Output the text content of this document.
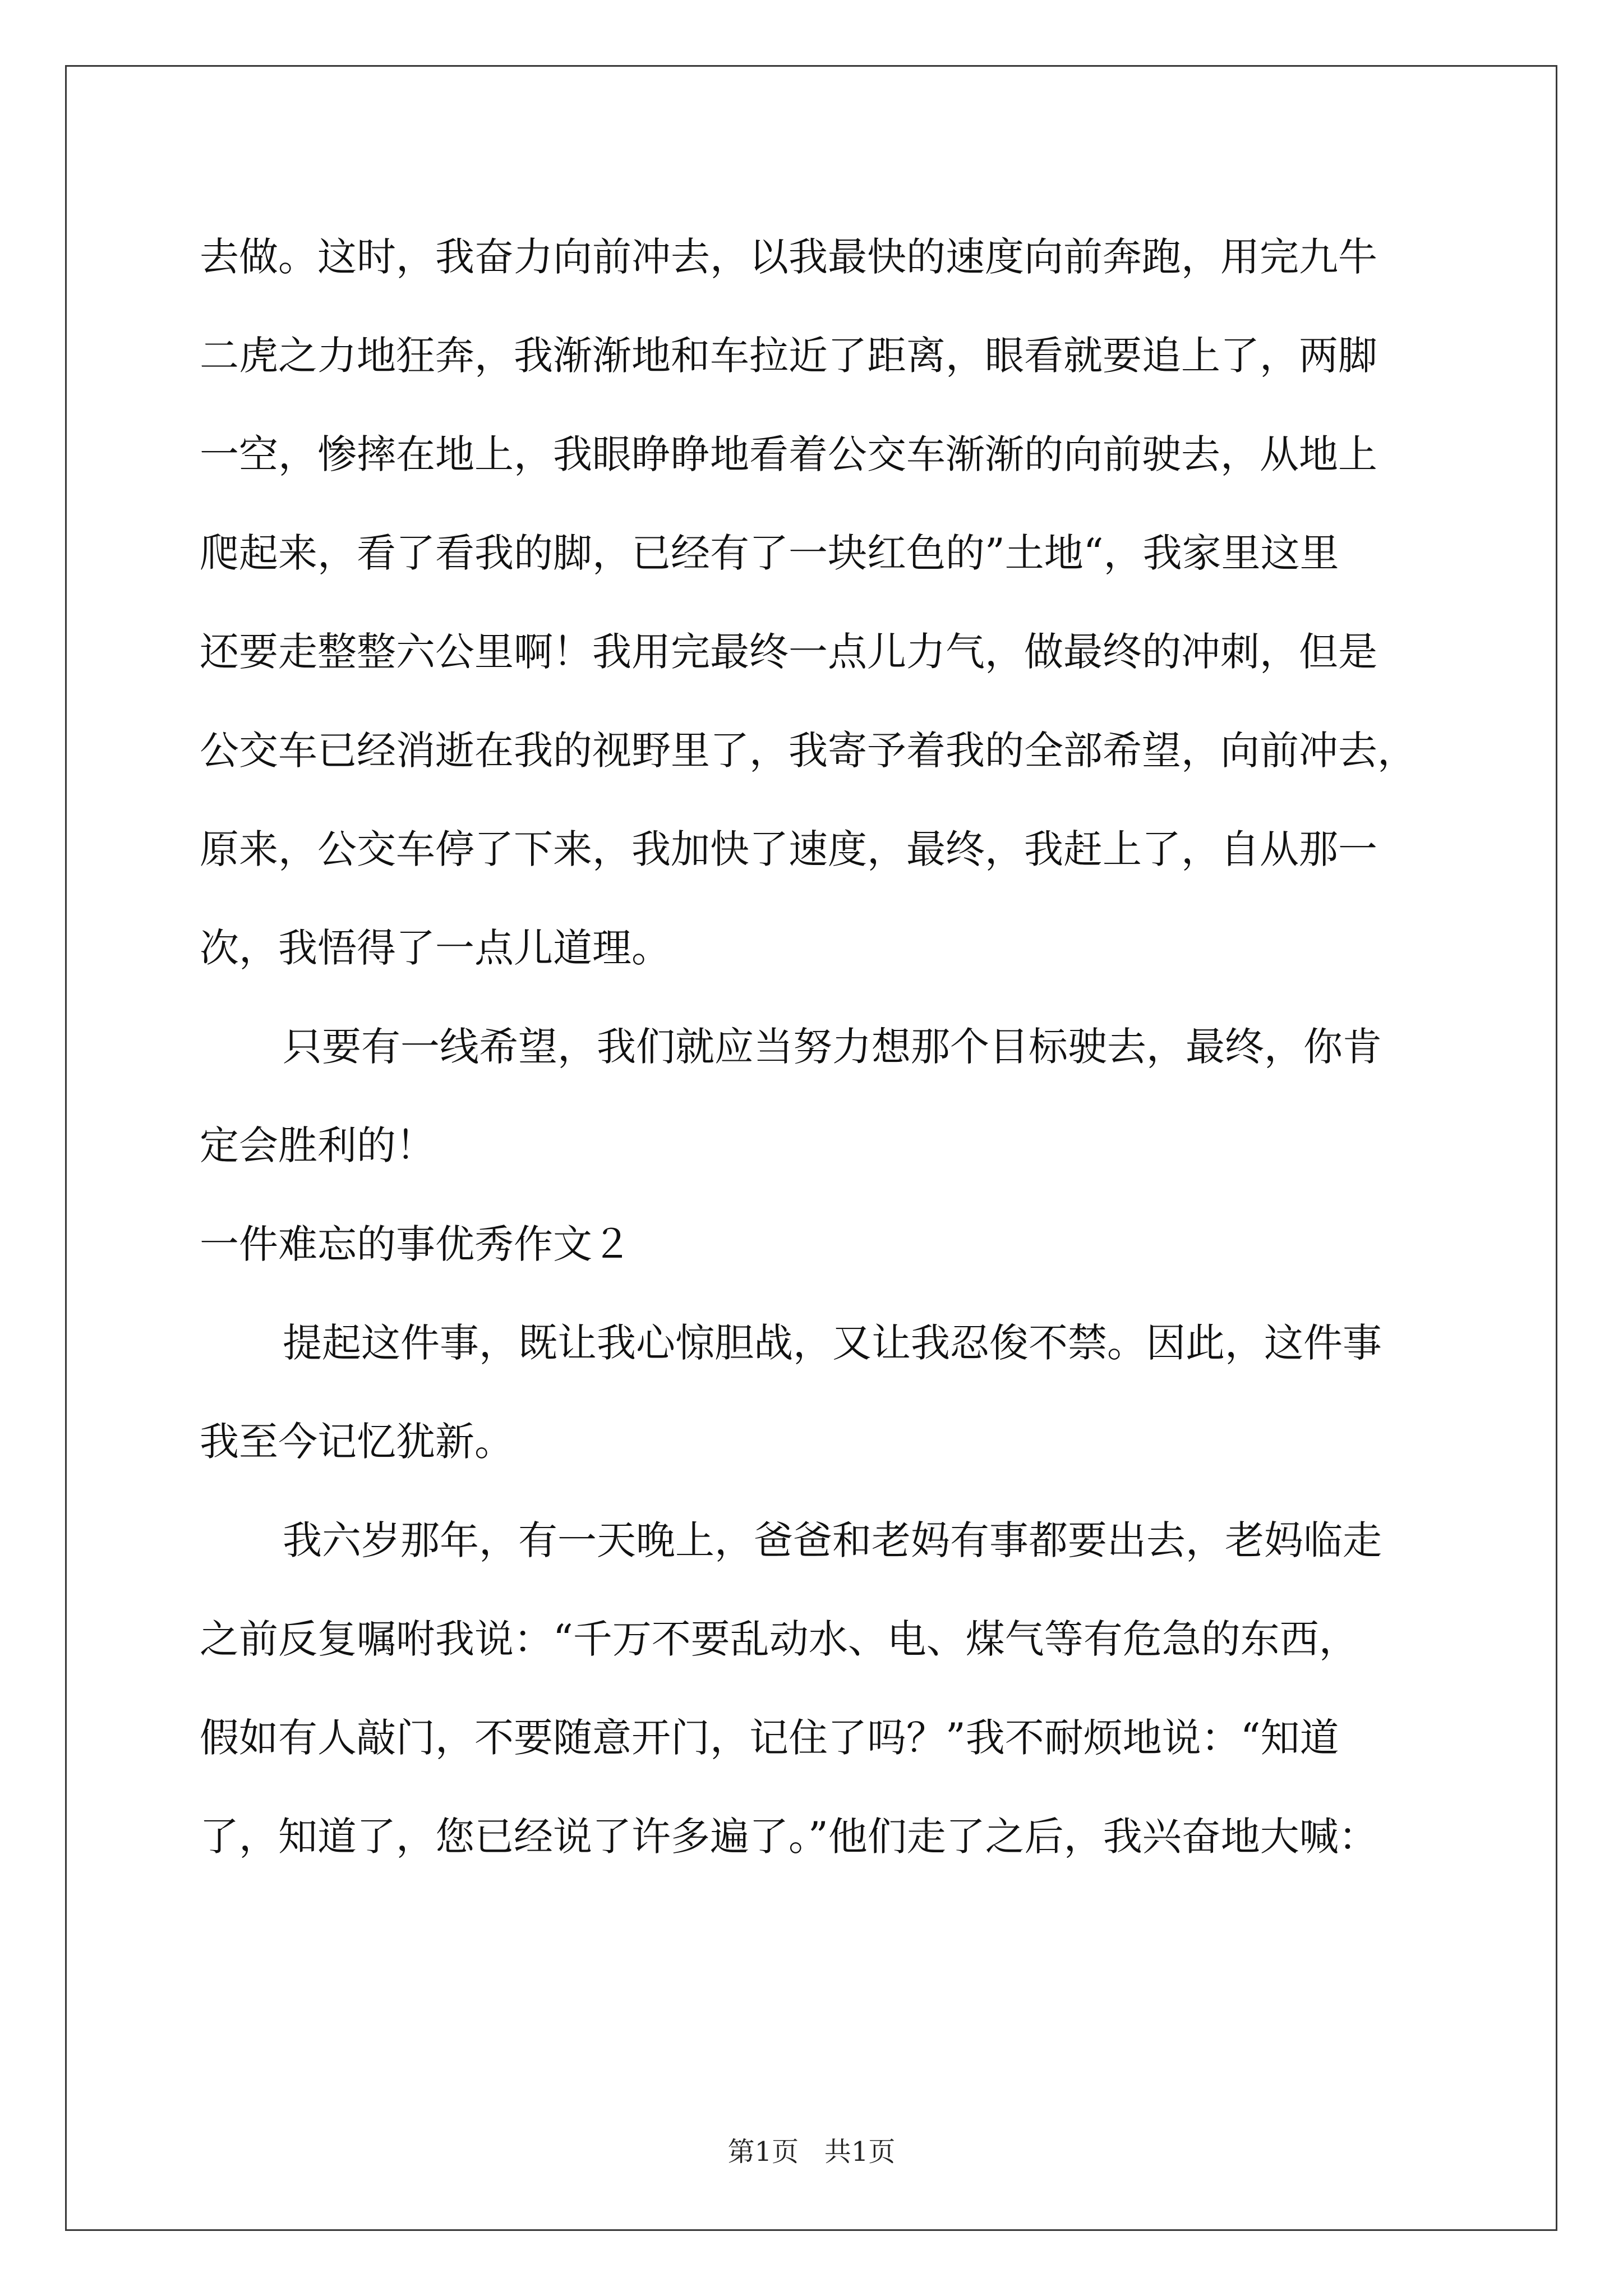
去做。这时，我奋力向前冲去，以我最快的速度向前奔跑，用完九牛

二虎之力地狂奔，我渐渐地和车拉近了距离，眼看就要追上了，两脚

一空，惨摔在地上，我眼睁睁地看着公交车渐渐的向前驶去，从地上

爬起来，看了看我的脚，已经有了一块红色的”土地“，我家里这里

还要走整整六公里啊！我用完最终一点儿力气，做最终的冲刺，但是

公交车已经消逝在我的视野里了，我寄予着我的全部希望，向前冲去，

原来，公交车停了下来，我加快了速度，最终，我赶上了，自从那一

次，我悟得了一点儿道理。

只要有一线希望，我们就应当努力想那个目标驶去，最终，你肯

定会胜利的！

一件难忘的事优秀作文２

提起这件事，既让我心惊胆战，又让我忍俊不禁。因此，这件事

我至今记忆犹新。

我六岁那年，有一天晚上，爸爸和老妈有事都要出去，老妈临走

之前反复嘱咐我说：“千万不要乱动水、电、煤气等有危急的东西，

假如有人敲门，不要随意开门，记住了吗？”我不耐烦地说：“知道

了，知道了，您已经说了许多遍了。”他们走了之后，我兴奋地大喊：

第1页 共1页
